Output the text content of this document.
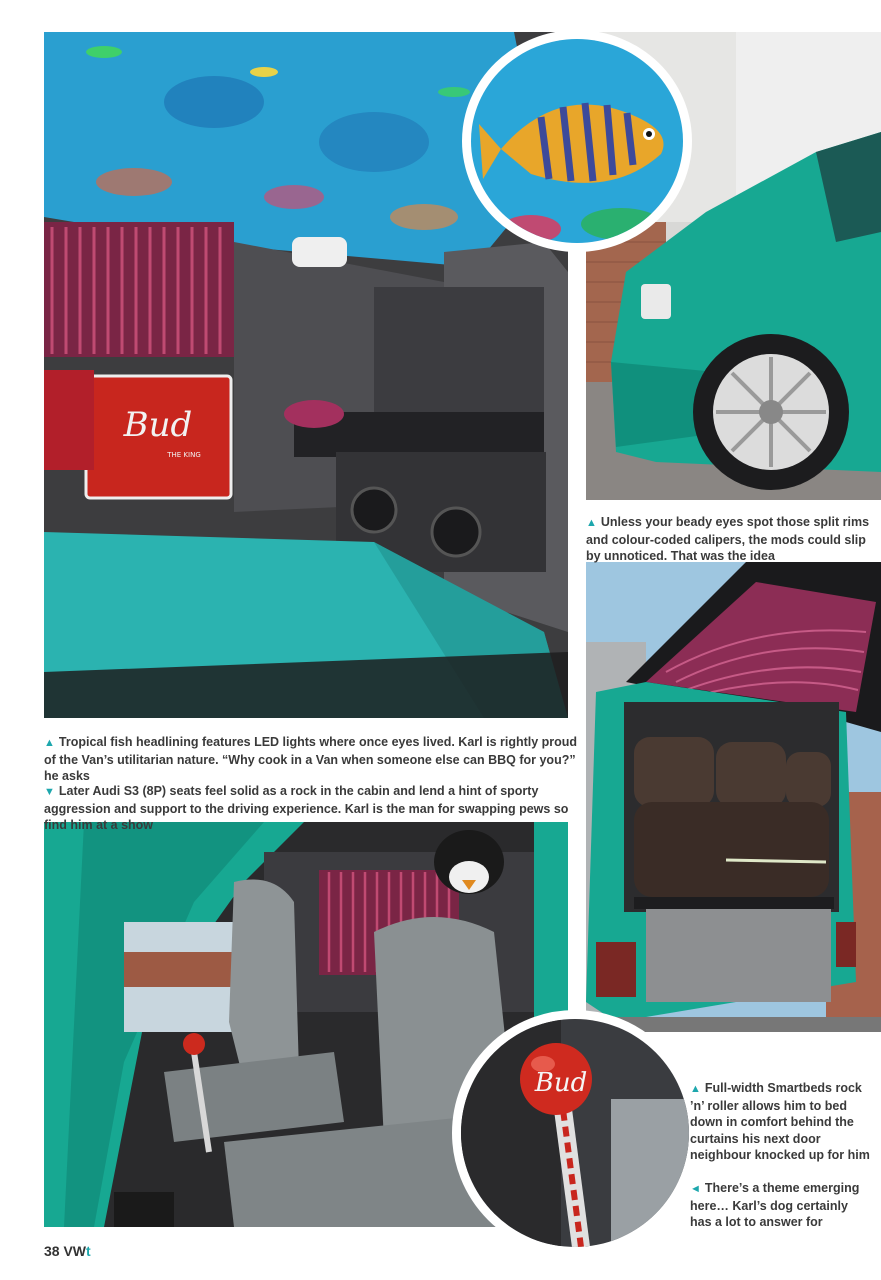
Bud
THE KING
Bud
▲ Unless your beady eyes spot those split rims and colour-coded calipers, the mods could slip by unnoticed. That was the idea
▲ Tropical fish headlining features LED lights where once eyes lived. Karl is rightly proud of the Van’s utilitarian nature. “Why cook in a Van when someone else can BBQ for you?” he asks
▼ Later Audi S3 (8P) seats feel solid as a rock in the cabin and lend a hint of sporty aggression and support to the driving experience. Karl is the man for swapping pews so find him at a show
▲ Full-width Smartbeds rock ’n’ roller allows him to bed down in comfort behind the curtains his next door neighbour knocked up for him
◄ There’s a theme emerging here… Karl’s dog certainly has a lot to answer for
38 VWt
